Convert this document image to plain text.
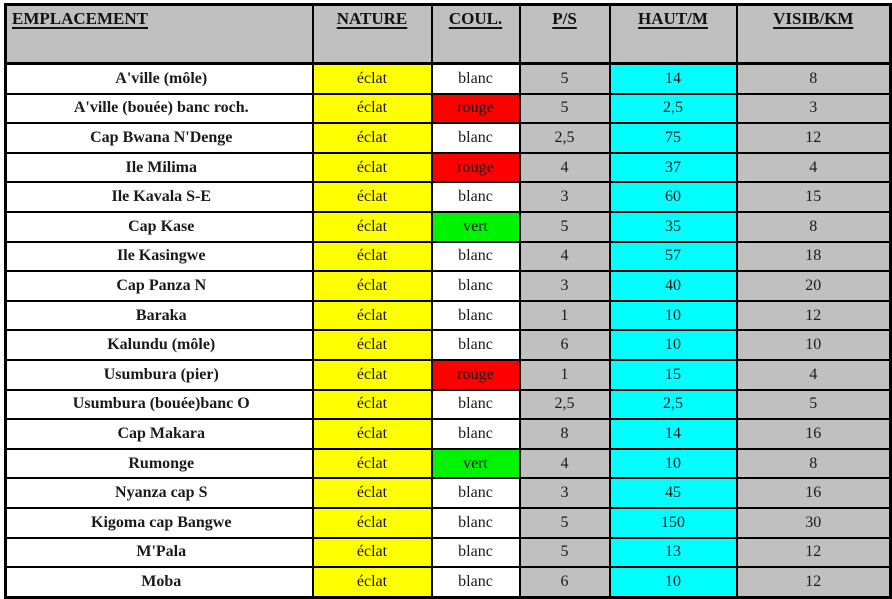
EMPLACEMENT	NATURE	COUL.	P/S	HAUT/M	VISIB/KM
A'ville (môle)	éclat	blanc	5	14	8
A'ville (bouée) banc roch.	éclat	rouge	5	2,5	3
Cap Bwana N'Denge	éclat	blanc	2,5	75	12
Ile Milima	éclat	rouge	4	37	4
Ile Kavala S-E	éclat	blanc	3	60	15
Cap Kase	éclat	vert	5	35	8
Ile Kasingwe	éclat	blanc	4	57	18
Cap Panza N	éclat	blanc	3	40	20
Baraka	éclat	blanc	1	10	12
Kalundu (môle)	éclat	blanc	6	10	10
Usumbura (pier)	éclat	rouge	1	15	4
Usumbura (bouée)banc O	éclat	blanc	2,5	2,5	5
Cap Makara	éclat	blanc	8	14	16
Rumonge	éclat	vert	4	10	8
Nyanza cap S	éclat	blanc	3	45	16
Kigoma cap Bangwe	éclat	blanc	5	150	30
M'Pala	éclat	blanc	5	13	12
Moba	éclat	blanc	6	10	12
